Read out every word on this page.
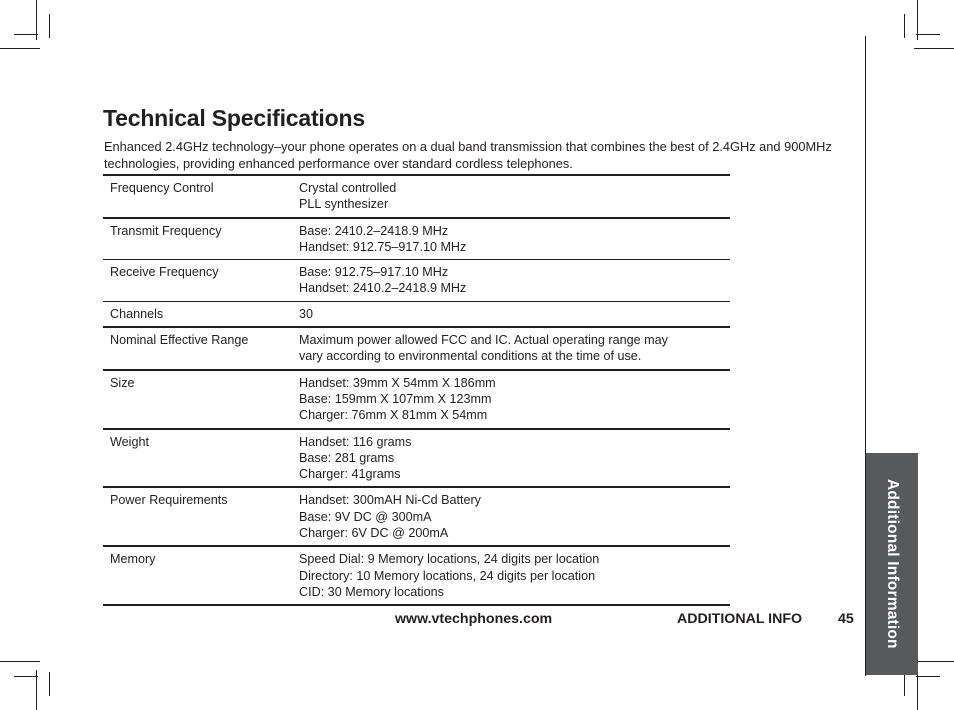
Additional Information
Technical Specifications

Enhanced 2.4GHz technology–your phone operates on a dual band transmission that combines the best of 2.4GHz and 900MHz technologies, providing enhanced performance over standard cordless telephones.

Frequency Control	Crystal controlled
PLL synthesizer

Transmit Frequency	Base: 2410.2–2418.9 MHz
Handset: 912.75–917.10 MHz

Receive Frequency	Base: 912.75–917.10 MHz
Handset: 2410.2–2418.9 MHz

Channels	30

Nominal Effective Range	Maximum power allowed FCC and IC. Actual operating range may
vary according to environmental conditions at the time of use.

Size	Handset: 39mm X 54mm X 186mm
Base: 159mm X 107mm X 123mm
Charger: 76mm X 81mm X 54mm

Weight	Handset: 116 grams
Base: 281 grams
Charger: 41grams

Power Requirements	Handset: 300mAH Ni-Cd Battery
Base: 9V DC @ 300mA
Charger: 6V DC @ 200mA

Memory	Speed Dial: 9 Memory locations, 24 digits per location
Directory: 10 Memory locations, 24 digits per location
CID: 30 Memory locations
www.vtechphones.com	ADDITIONAL INFO	45
